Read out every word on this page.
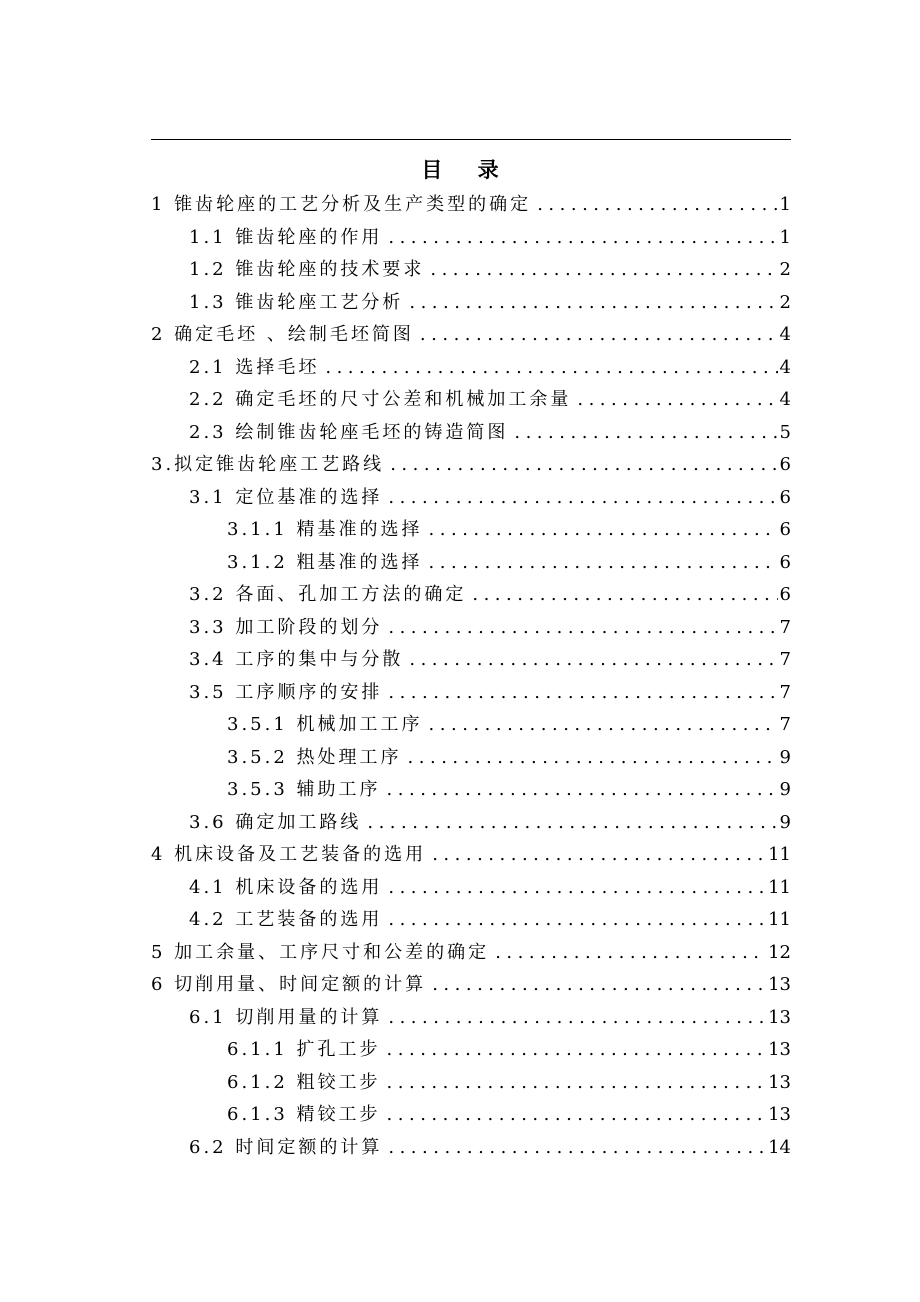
目 录
1 锥齿轮座的工艺分析及生产类型的确定 .....	1
1.1 锥齿轮座的作用 .....	1
1.2 锥齿轮座的技术要求 .....	2
1.3 锥齿轮座工艺分析 .....	2
2 确定毛坯 、绘制毛坯简图 .....	4
2.1 选择毛坯 .....	4
2.2 确定毛坯的尺寸公差和机械加工余量 .....	4
2.3 绘制锥齿轮座毛坯的铸造简图 .....	5
3.拟定锥齿轮座工艺路线 .....	6
3.1 定位基准的选择 .....	6
3.1.1 精基准的选择 .....	6
3.1.2 粗基准的选择 .....	6
3.2 各面、孔加工方法的确定 .....	6
3.3 加工阶段的划分 .....	7
3.4 工序的集中与分散 .....	7
3.5 工序顺序的安排 .....	7
3.5.1 机械加工工序 .....	7
3.5.2 热处理工序 .....	9
3.5.3 辅助工序 .....	9
3.6 确定加工路线 .....	9
4 机床设备及工艺装备的选用 .....	11
4.1 机床设备的选用 .....	11
4.2 工艺装备的选用 .....	11
5 加工余量、工序尺寸和公差的确定 .....	12
6 切削用量、时间定额的计算 .....	13
6.1 切削用量的计算 .....	13
6.1.1 扩孔工步 .....	13
6.1.2 粗铰工步 .....	13
6.1.3 精铰工步 .....	13
6.2 时间定额的计算 .....	14
